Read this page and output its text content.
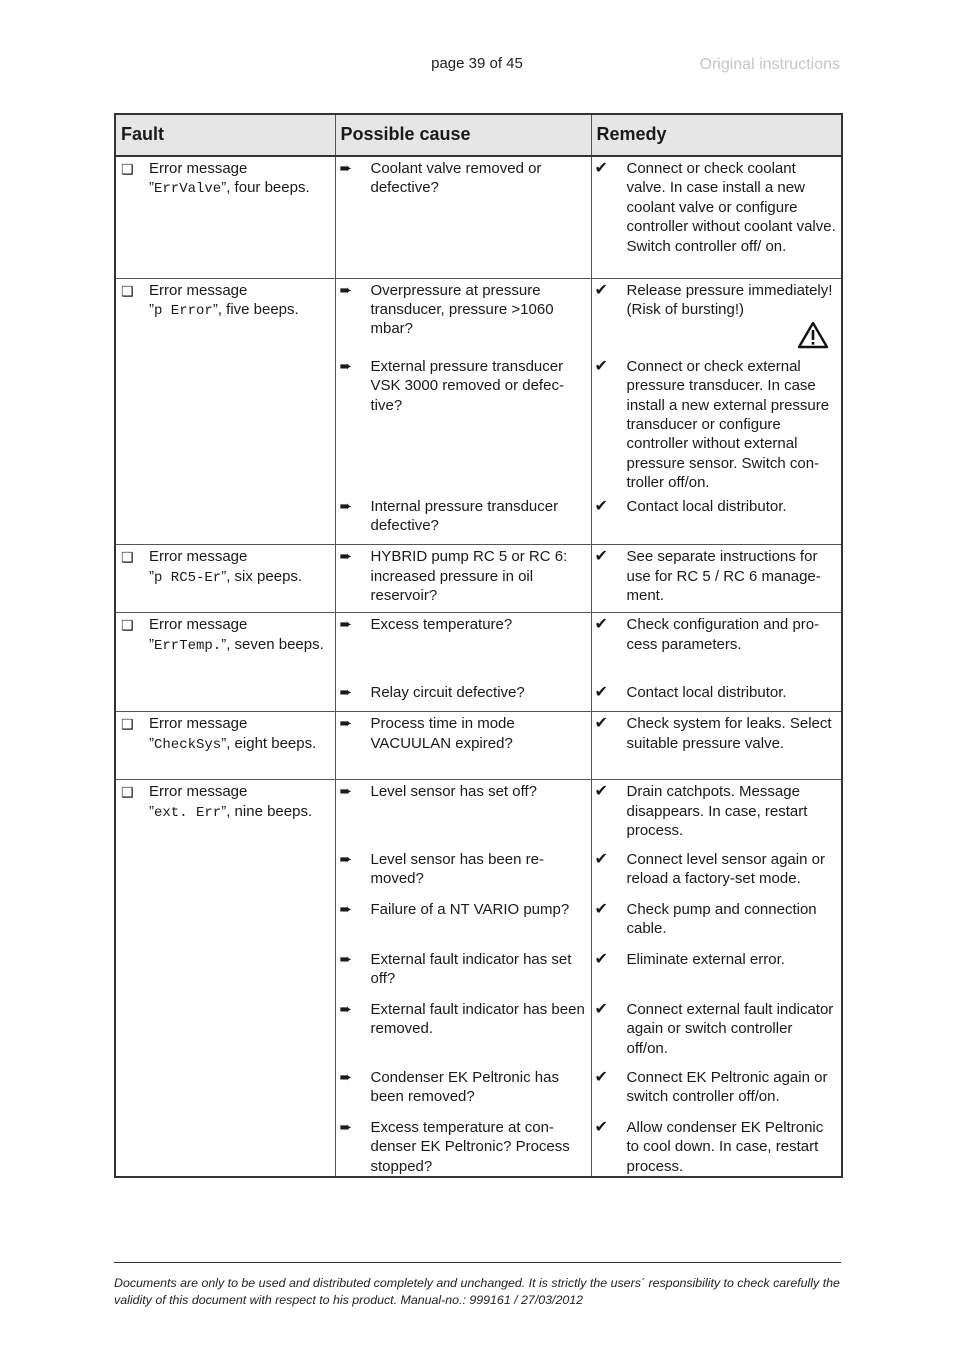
page 39 of 45	Original instructions
Fault	Possible cause	Remedy

❑ Error message
”ErrValve”, four beeps.	➨ Coolant valve removed or defective?	✔ Connect or check coolant valve. In case install a new coolant valve or configure controller without coolant valve. Switch controller off/ on.

❑ Error message
”p Error”, five beeps.	➨ Overpressure at pressure transducer, pressure >1060 mbar?	✔ Release pressure immediately! (Risk of bursting!)

	➨ External pressure transducer VSK 3000 removed or defective?	✔ Connect or check external pressure transducer. In case install a new external pressure transducer or configure controller without external pressure sensor. Switch controller off/on.

	➨ Internal pressure transducer defective?	✔ Contact local distributor.

❑ Error message
”p RC5-Er”, six peeps.	➨ HYBRID pump RC 5 or RC 6: increased pressure in oil reservoir?	✔ See separate instructions for use for RC 5 / RC 6 management.

❑ Error message
”ErrTemp.”, seven beeps.	➨ Excess temperature?	✔ Check configuration and process parameters.

	➨ Relay circuit defective?	✔ Contact local distributor.

❑ Error message
”CheckSys”, eight beeps.	➨ Process time in mode VACUULAN expired?	✔ Check system for leaks. Select suitable pressure valve.

❑ Error message
”ext. Err”, nine beeps.	➨ Level sensor has set off?	✔ Drain catchpots. Message disappears. In case, restart process.

	➨ Level sensor has been removed?	✔ Connect level sensor again or reload a factory-set mode.

	➨ Failure of a NT VARIO pump?	✔ Check pump and connection cable.

	➨ External fault indicator has set off?	✔ Eliminate external error.

	➨ External fault indicator has been removed.	✔ Connect external fault indicator again or switch controller off/on.

	➨ Condenser EK Peltronic has been removed?	✔ Connect EK Peltronic again or switch controller off/on.

	➨ Excess temperature at condenser EK Peltronic? Process stopped?	✔ Allow condenser EK Peltronic to cool down. In case, restart process.
Documents are only to be used and distributed completely and unchanged. It is strictly the users´ responsibility to check carefully the validity of this document with respect to his product. Manual-no.: 999161 / 27/03/2012
